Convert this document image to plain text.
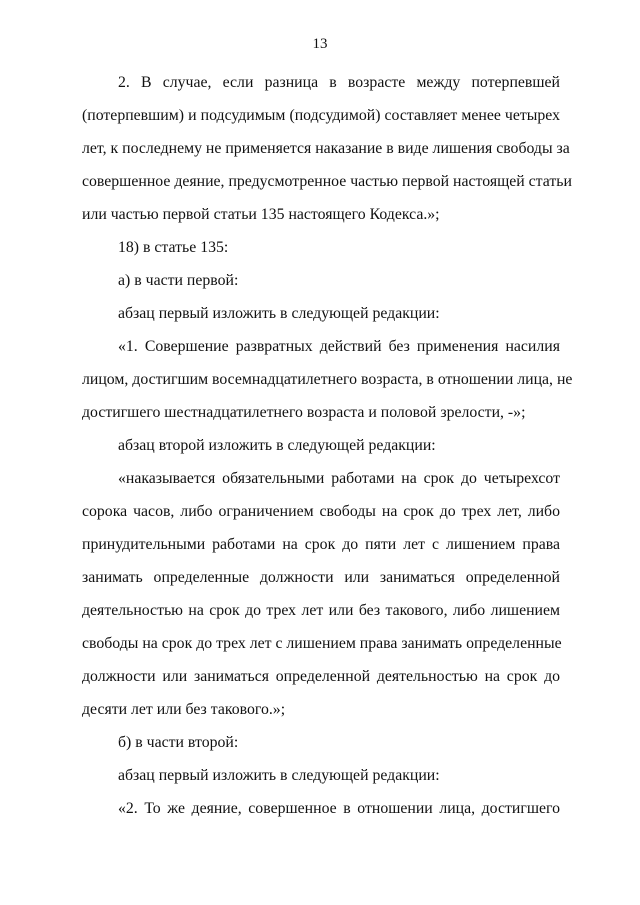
13
2. В случае, если разница в возрасте между потерпевшей
(потерпевшим) и подсудимым (подсудимой) составляет менее четырех
лет, к последнему не применяется наказание в виде лишения свободы за
совершенное деяние, предусмотренное частью первой настоящей статьи
или частью первой статьи 135 настоящего Кодекса.»;
18) в статье 135:
а) в части первой:
абзац первый изложить в следующей редакции:
«1. Совершение развратных действий без применения насилия
лицом, достигшим восемнадцатилетнего возраста, в отношении лица, не
достигшего шестнадцатилетнего возраста и половой зрелости, -»;
абзац второй изложить в следующей редакции:
«наказывается обязательными работами на срок до четырехсот
сорока часов, либо ограничением свободы на срок до трех лет, либо
принудительными работами на срок до пяти лет с лишением права
занимать определенные должности или заниматься определенной
деятельностью на срок до трех лет или без такового, либо лишением
свободы на срок до трех лет с лишением права занимать определенные
должности или заниматься определенной деятельностью на срок до
десяти лет или без такового.»;
б) в части второй:
абзац первый изложить в следующей редакции:
«2. То же деяние, совершенное в отношении лица, достигшего
